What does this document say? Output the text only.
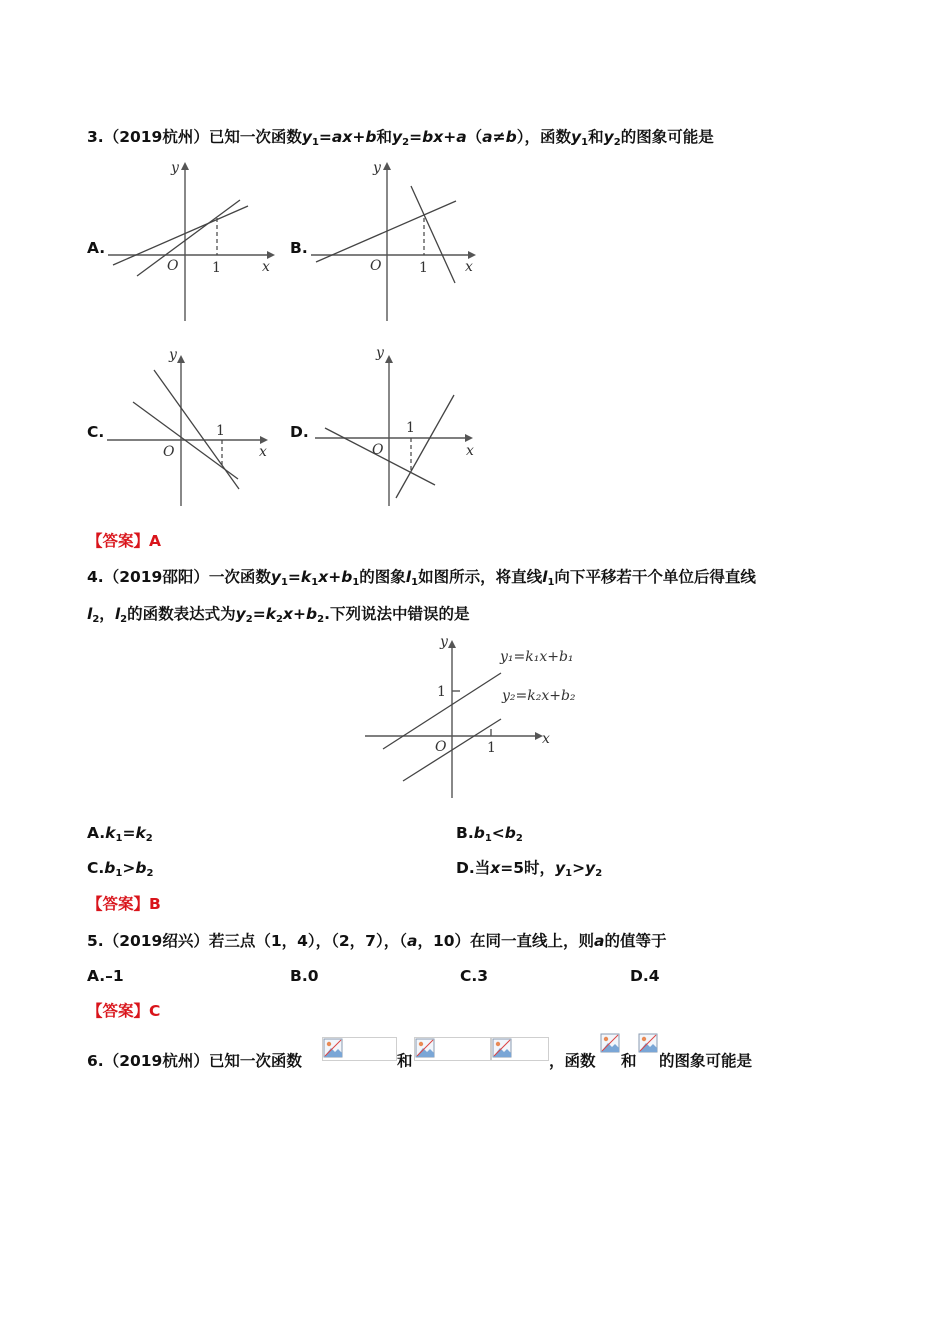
3.（2019杭州）已知一次函数$y_1=ax+b$和$y_2=bx+a(a\ne b)$，函数$y_1$和$y_2$的图象可能是
A.	B.
C.	D.
y
O 1	x
y
O	1	x
y
O
1
x
y
O
1
x
【答案】A
4.（2019邵阳）一次函数$y_1=k_1x+b_1$的图象$l_1$如图所示，将直线$l_1$向下平移若干个单位后得直线
$l_2$，$l_2$的函数表达式为$y_2=k_2x+b_2$.下列说法中错误的是
y
1
O	1
x
y₁=k₁x+b₁
y₂=k₂x+b₂
$A.k_1=k_2$	$B.b_1<b_2$
$C.b_1>b_2$	D.当x=5时，$y_1>y_2$
【答案】B
5.（2019绍兴）若三点（1，4），（2，7），（a，10）在同一直线上，则a的值等于
A.–1	B.0	C.3	D.4
【答案】C
6.（2019杭州）已知一次函数	和	，函数 和 的图象可能是
